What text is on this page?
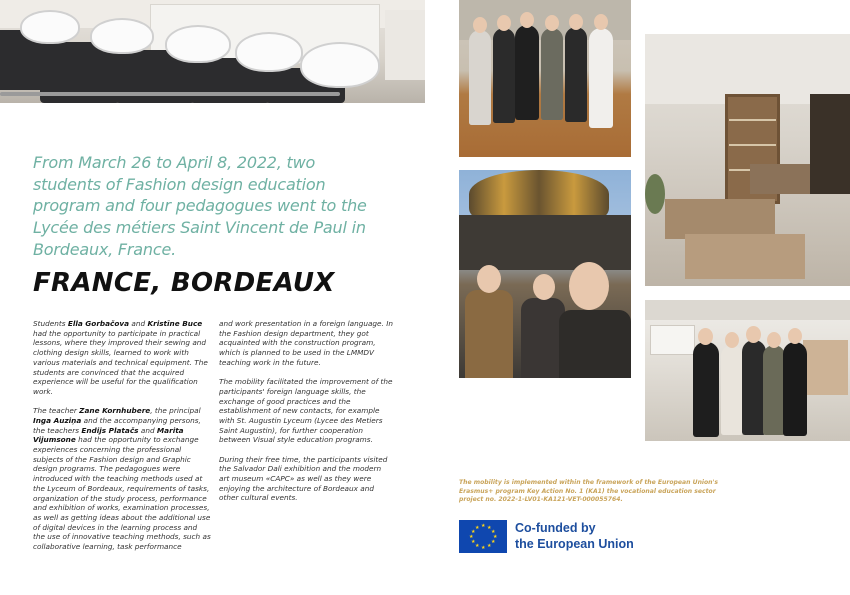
From March 26 to April 8, 2022, two students of Fashion design education program and four pedagogues went to the Lycée des métiers Saint Vincent de Paul in Bordeaux, France.
FRANCE, BORDEAUX

Students Ella Gorbačova and Kristīne Buce had the opportunity to participate in practical lessons, where they improved their sewing and clothing design skills, learned to work with various materials and technical equipment. The students are convinced that the acquired experience will be useful for the qualification work.

The teacher Zane Kornhubere, the principal Inga Auziņa and the accompanying persons, the teachers Endijs Platačs and Marita Vijumsone had the opportunity to exchange experiences concerning the professional subjects of the Fashion design and Graphic design programs. The pedagogues were introduced with the teaching methods used at the Lyceum of Bordeaux, requirements of tasks, organization of the study process, performance and exhibition of works, examination processes, as well as getting ideas about the additional use of digital devices in the learning process and the use of innovative teaching methods, such as collaborative learning, task performance

and work presentation in a foreign language. In the Fashion design department, they got acquainted with the construction program, which is planned to be used in the LMMDV teaching work in the future.

The mobility facilitated the improvement of the participants' foreign language skills, the exchange of good practices and the establishment of new contacts, for example with St. Augustin Lyceum (Lycee des Metiers Saint Augustin), for further cooperation between Visual style education programs.

During their free time, the participants visited the Salvador Dali exhibition and the modern art museum «CAPC» as well as they were enjoying the architecture of Bordeaux and other cultural events.

The mobility is implemented within the framework of the European Union's Erasmus+ program Key Action No. 1 (KA1) the vocational education sector project no. 2022-1-LV01-KA121-VET-000055764.
★ ★
★
★
★
★
★
★
★
★
★
★	Co-funded by
the European Union
